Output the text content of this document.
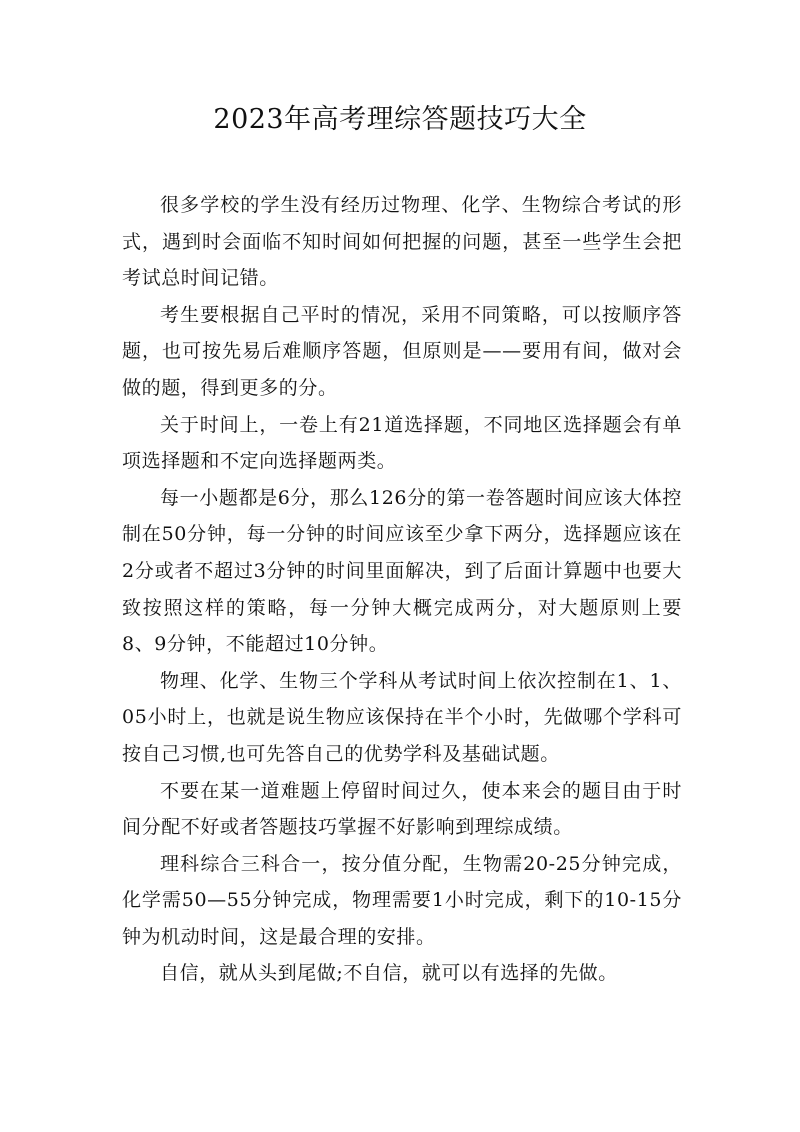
2023年高考理综答题技巧大全

很多学校的学生没有经历过物理、化学、生物综合考试的形式，遇到时会面临不知时间如何把握的问题，甚至一些学生会把考试总时间记错。

考生要根据自己平时的情况，采用不同策略，可以按顺序答题，也可按先易后难顺序答题，但原则是——要用有间，做对会做的题，得到更多的分。

关于时间上，一卷上有21道选择题，不同地区选择题会有单项选择题和不定向选择题两类。

每一小题都是6分，那么126分的第一卷答题时间应该大体控制在50分钟，每一分钟的时间应该至少拿下两分，选择题应该在2分或者不超过3分钟的时间里面解决，到了后面计算题中也要大致按照这样的策略，每一分钟大概完成两分，对大题原则上要8、9分钟，不能超过10分钟。

物理、化学、生物三个学科从考试时间上依次控制在1、1、05小时上，也就是说生物应该保持在半个小时，先做哪个学科可按自己习惯,也可先答自己的优势学科及基础试题。

不要在某一道难题上停留时间过久，使本来会的题目由于时间分配不好或者答题技巧掌握不好影响到理综成绩。

理科综合三科合一，按分值分配，生物需20-25分钟完成，化学需50—55分钟完成，物理需要1小时完成，剩下的10-15分钟为机动时间，这是最合理的安排。

自信，就从头到尾做;不自信，就可以有选择的先做。
